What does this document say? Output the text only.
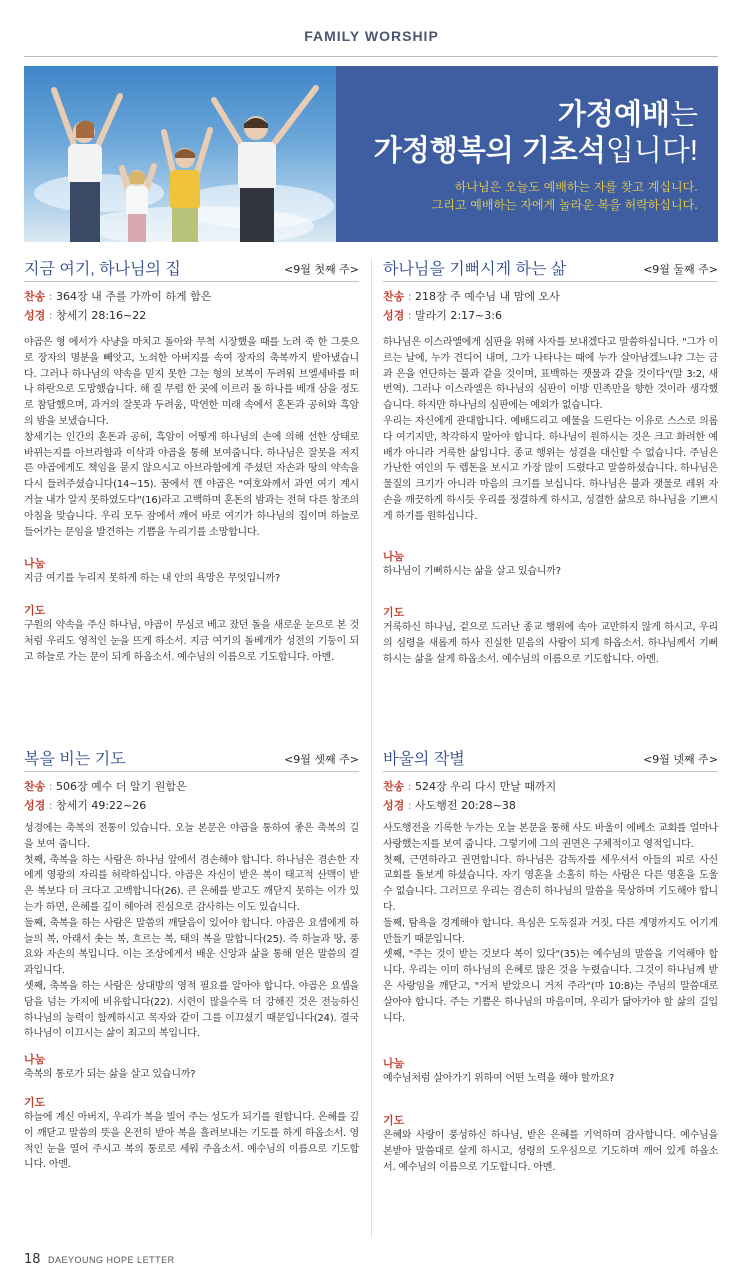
FAMILY WORSHIP
가정예배는
가정행복의 기초석입니다!
하나님은 오늘도 예배하는 자를 찾고 계십니다.
그리고 예배하는 자에게 놀라운 복을 허락하십니다.
지금 여기, 하나님의 집	<9월 첫째 주>
찬송 : 364장 내 주를 가까이 하게 함은
성경 : 창세기 28:16~22

야곱은 형 에서가 사냥을 마치고 돌아와 무척 시장했을 때를 노려 죽 한 그릇으로 장자의 명분을 빼앗고, 노쇠한 아버지를 속여 장자의 축복까지 받아냈습니다. 그러나 하나님의 약속을 믿지 못한 그는 형의 보복이 두려워 브엘세바를 떠나 하란으로 도망했습니다. 해 질 무렵 한 곳에 이르러 돌 하나를 베개 삼을 정도로 참담했으며, 과거의 잘못과 두려움, 막연한 미래 속에서 혼돈과 공허와 흑암의 밤을 보냈습니다.

창세기는 인간의 혼돈과 공허, 흑암이 어떻게 하나님의 손에 의해 선한 상태로 바뀌는지를 아브라함과 이삭과 야곱을 통해 보여줍니다. 하나님은 잘못을 저지른 야곱에게도 책임을 묻지 않으시고 아브라함에게 주셨던 자손과 땅의 약속을 다시 들려주셨습니다(14~15). 꿈에서 깬 야곱은 "여호와께서 과연 여기 계시거늘 내가 알지 못하였도다"(16)라고 고백하며 혼돈의 밤과는 전혀 다른 창조의 아침을 맞습니다. 우리 모두 잠에서 깨어 바로 여기가 하나님의 집이며 하늘로 들어가는 문임을 발견하는 기쁨을 누리기를 소망합니다.

나눔
지금 여기를 누리지 못하게 하는 내 안의 욕망은 무엇입니까?
기도
구원의 약속을 주신 하나님, 야곱이 무심코 베고 잤던 돌을 새로운 눈으로 본 것처럼 우리도 영적인 눈을 뜨게 하소서. 지금 여기의 돌베개가 성전의 기둥이 되고 하늘로 가는 문이 되게 하옵소서. 예수님의 이름으로 기도합니다. 아멘.
하나님을 기뻐시게 하는 삶	<9월 둘째 주>
찬송 : 218장 주 예수님 내 맘에 오사
성경 : 말라기 2:17~3:6

하나님은 이스라엘에게 심판을 위해 사자를 보내겠다고 말씀하십니다. "그가 이르는 날에, 누가 견디어 내며, 그가 나타나는 때에 누가 살아남겠느냐? 그는 금과 은을 연단하는 불과 같을 것이며, 표백하는 잿물과 같을 것이다"(말 3:2, 새번역). 그러나 이스라엘은 하나님의 심판이 이방 민족만을 향한 것이라 생각했습니다. 하지만 하나님의 심판에는 예외가 없습니다.

우리는 자신에게 관대합니다. 예배드리고 예물을 드린다는 이유로 스스로 의롭다 여기지만, 착각하지 말아야 합니다. 하나님이 원하시는 것은 크고 화려한 예배가 아니라 거룩한 삶입니다. 종교 행위는 성결을 대신할 수 없습니다. 주님은 가난한 여인의 두 렙돈을 보시고 가장 많이 드렸다고 말씀하셨습니다. 하나님은 물질의 크기가 아니라 마음의 크기를 보십니다. 하나님은 불과 잿물로 레위 자손을 깨끗하게 하시듯 우리를 정결하게 하시고, 성결한 삶으로 하나님을 기쁘시게 하기를 원하십니다.

나눔
하나님이 기뻐하시는 삶을 살고 있습니까?
기도
거룩하신 하나님, 겉으로 드러난 종교 행위에 속아 교만하지 않게 하시고, 우리의 심령을 새롭게 하사 진실한 믿음의 사람이 되게 하옵소서. 하나님께서 기뻐하시는 삶을 살게 하옵소서. 예수님의 이름으로 기도합니다. 아멘.
복을 비는 기도	<9월 셋째 주>
찬송 : 506장 예수 더 알기 원함은
성경 : 창세기 49:22~26

성경에는 축복의 전통이 있습니다. 오늘 본문은 야곱을 통하여 좋은 축복의 길을 보여 줍니다.

첫째, 축복을 하는 사람은 하나님 앞에서 겸손해야 합니다. 하나님은 겸손한 자에게 영광의 자리를 허락하십니다. 야곱은 자신이 받은 복이 태고적 산맥이 받은 복보다 더 크다고 고백합니다(26). 큰 은혜를 받고도 깨닫지 못하는 이가 있는가 하면, 은혜를 깊이 헤아려 진심으로 감사하는 이도 있습니다.

둘째, 축복을 하는 사람은 말씀의 깨달음이 있어야 합니다. 야곱은 요셉에게 하늘의 복, 아래서 솟는 복, 흐르는 복, 태의 복을 말합니다(25). 즉 하늘과 땅, 풍요와 자손의 복입니다. 이는 조상에게서 배운 신앙과 삶을 통해 얻은 말씀의 결과입니다.

셋째, 축복을 하는 사람은 상대방의 영적 필요를 알아야 합니다. 야곱은 요셉을 담을 넘는 가지에 비유합니다(22). 시련이 많을수록 더 강해진 것은 전능하신 하나님의 능력이 함께하시고 목자와 같이 그를 이끄셨기 때문입니다(24). 결국 하나님이 이끄시는 삶이 최고의 복입니다.

나눔
축복의 통로가 되는 삶을 살고 있습니까?
기도
하늘에 계신 아버지, 우리가 복을 빌어 주는 성도가 되기를 원합니다. 은혜를 깊이 깨닫고 말씀의 뜻을 온전히 받아 복을 흘려보내는 기도를 하게 하옵소서. 영적인 눈을 열어 주시고 복의 통로로 세워 주옵소서. 예수님의 이름으로 기도합니다. 아멘.
바울의 작별	<9월 넷째 주>
찬송 : 524장 우리 다시 만날 때까지
성경 : 사도행전 20:28~38

사도행전을 기록한 누가는 오늘 본문을 통해 사도 바울이 에베소 교회를 얼마나 사랑했는지를 보여 줍니다. 그렇기에 그의 권면은 구체적이고 영적입니다.

첫째, 근면하라고 권면합니다. 하나님은 감독자를 세우셔서 아들의 피로 사신 교회를 돌보게 하셨습니다. 자기 영혼을 소홀히 하는 사람은 다른 영혼을 도울 수 없습니다. 그러므로 우리는 겸손히 하나님의 말씀을 묵상하며 기도해야 합니다.

둘째, 탐욕을 경계해야 합니다. 욕심은 도둑질과 거짓, 다른 계명까지도 어기게 만들기 때문입니다.

셋째, "주는 것이 받는 것보다 복이 있다"(35)는 예수님의 말씀을 기억해야 합니다. 우리는 이미 하나님의 은혜로 많은 것을 누렸습니다. 그것이 하나님께 받은 사랑임을 깨닫고, "거저 받았으니 거저 주라"(마 10:8)는 주님의 말씀대로 살아야 합니다. 주는 기쁨은 하나님의 마음이며, 우리가 닮아가야 할 삶의 길입니다.

나눔
예수님처럼 살아가기 위하여 어떤 노력을 해야 할까요?
기도
은혜와 사랑이 풍성하신 하나님, 받은 은혜를 기억하며 감사합니다. 예수님을 본받아 말씀대로 살게 하시고, 성령의 도우심으로 기도하며 깨어 있게 하옵소서. 예수님의 이름으로 기도합니다. 아멘.
18 DAEYOUNG HOPE LETTER
